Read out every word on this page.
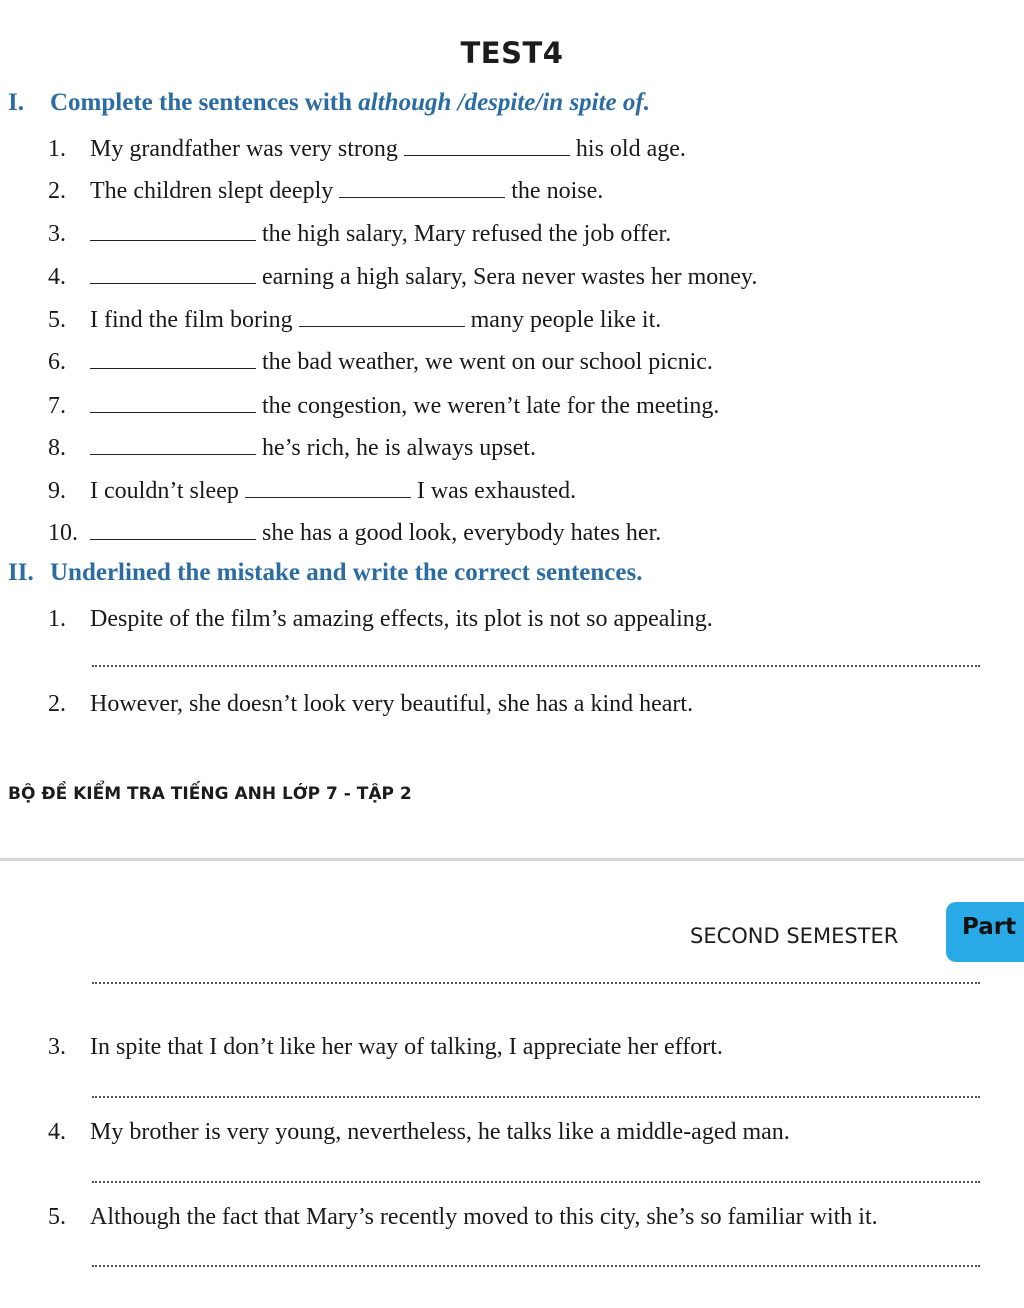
TEST4
I. Complete the sentences with although /despite/in spite of.
1. My grandfather was very strong	his old age.
2. The children slept deeply	the noise.
3.	the high salary, Mary refused the job offer.
4.	earning a high salary, Sera never wastes her money.
5. I find the film boring	many people like it.
6.	the bad weather, we went on our school picnic.
7.	the congestion, we weren’t late for the meeting.
8.	he’s rich, he is always upset.
9. I couldn’t sleep	I was exhausted.
10.	she has a good look, everybody hates her.
II. Underlined the mistake and write the correct sentences.
1. Despite of the film’s amazing effects, its plot is not so appealing.
2. However, she doesn’t look very beautiful, she has a kind heart.

BỘ ĐỀ KIỂM TRA TIẾNG ANH LỚP 7 - TẬP 2

SECOND SEMESTER	Part
3. In spite that I don’t like her way of talking, I appreciate her effort.
4. My brother is very young, nevertheless, he talks like a middle-aged man.
5. Although the fact that Mary’s recently moved to this city, she’s so familiar with it.
